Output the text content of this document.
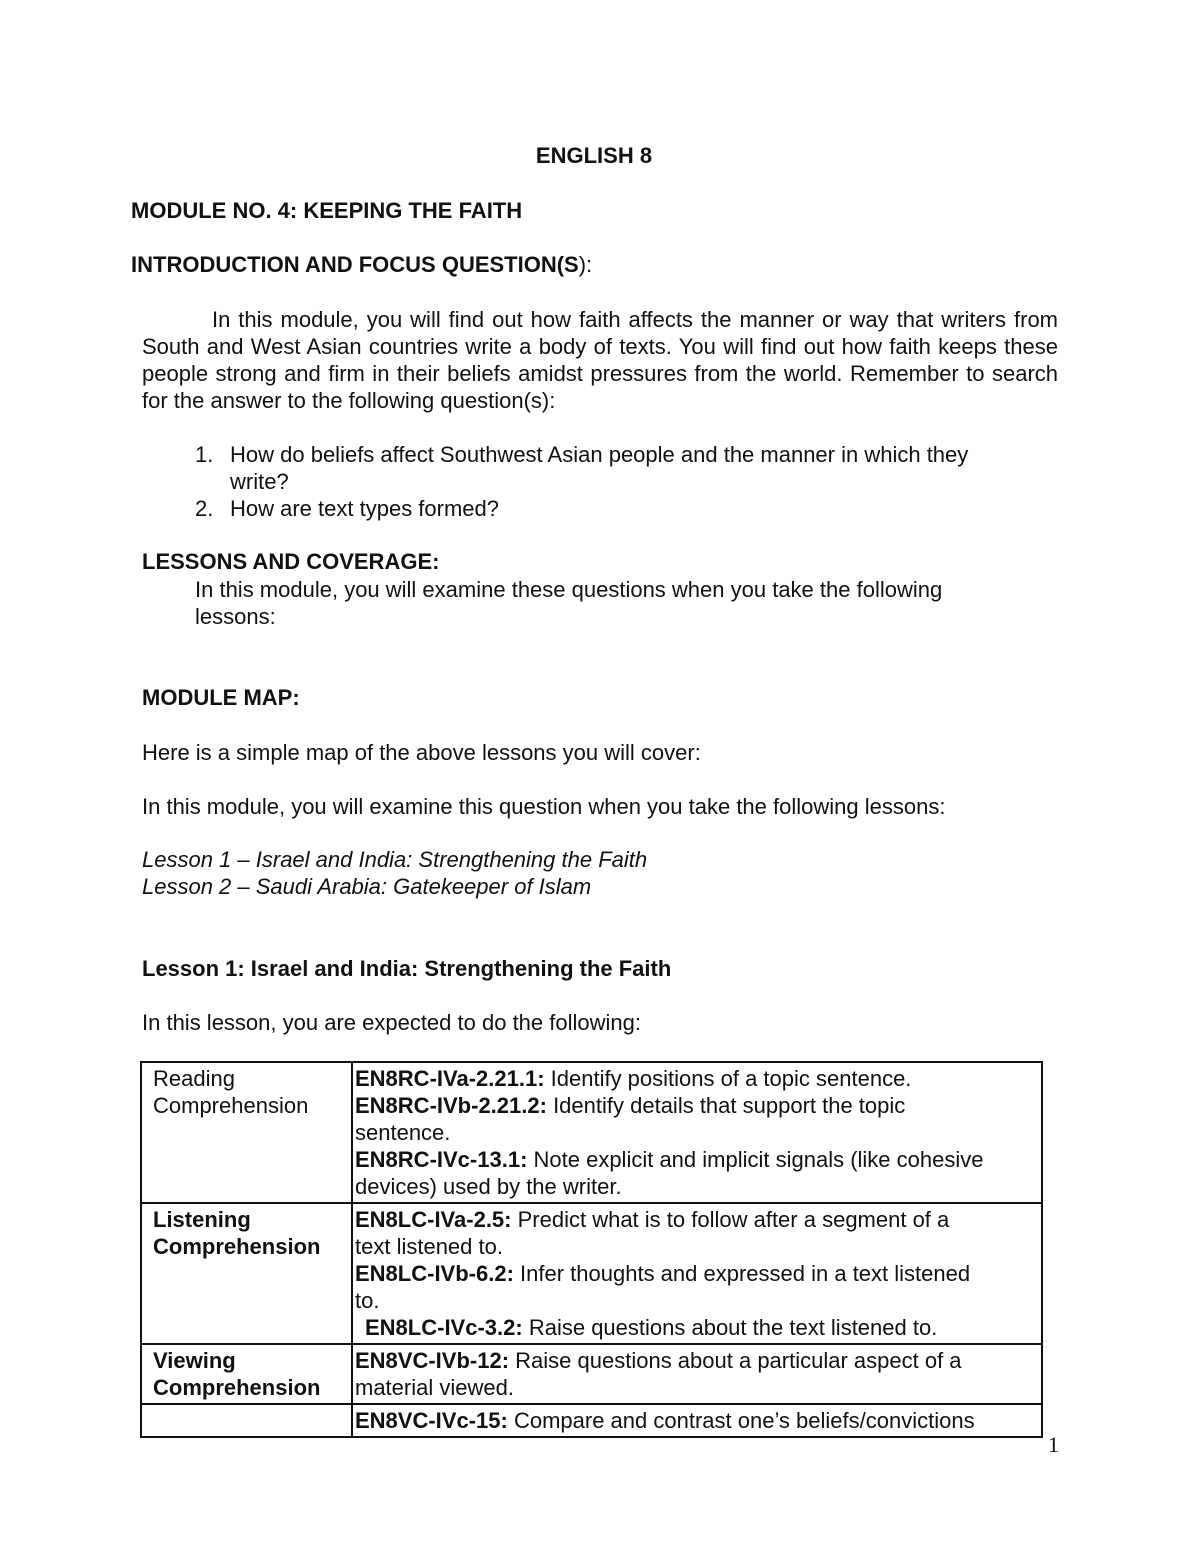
ENGLISH 8
MODULE NO. 4: KEEPING THE FAITH
INTRODUCTION AND FOCUS QUESTION(S):

In this module, you will find out how faith affects the manner or way that writers from South and West Asian countries write a body of texts. You will find out how faith keeps these people strong and firm in their beliefs amidst pressures from the world. Remember to search for the answer to the following question(s):

1. How do beliefs affect Southwest Asian people and the manner in which they write?
2. How are text types formed?
LESSONS AND COVERAGE:
In this module, you will examine these questions when you take the following
lessons:
MODULE MAP:
Here is a simple map of the above lessons you will cover:
In this module, you will examine this question when you take the following lessons:
Lesson 1 – Israel and India: Strengthening the Faith
Lesson 2 – Saudi Arabia: Gatekeeper of Islam
Lesson 1: Israel and India: Strengthening the Faith
In this lesson, you are expected to do the following:
Reading
Comprehension	EN8RC-IVa-2.21.1: Identify positions of a topic sentence.
EN8RC-IVb-2.21.2: Identify details that support the topic
sentence.
EN8RC-IVc-13.1: Note explicit and implicit signals (like cohesive
devices) used by the writer.

Listening
Comprehension	EN8LC-IVa-2.5: Predict what is to follow after a segment of a
text listened to.
EN8LC-IVb-6.2: Infer thoughts and expressed in a text listened
to.
EN8LC-IVc-3.2: Raise questions about the text listened to.

Viewing
Comprehension	EN8VC-IVb-12: Raise questions about a particular aspect of a
material viewed.

	EN8VC-IVc-15: Compare and contrast one’s beliefs/convictions
1
